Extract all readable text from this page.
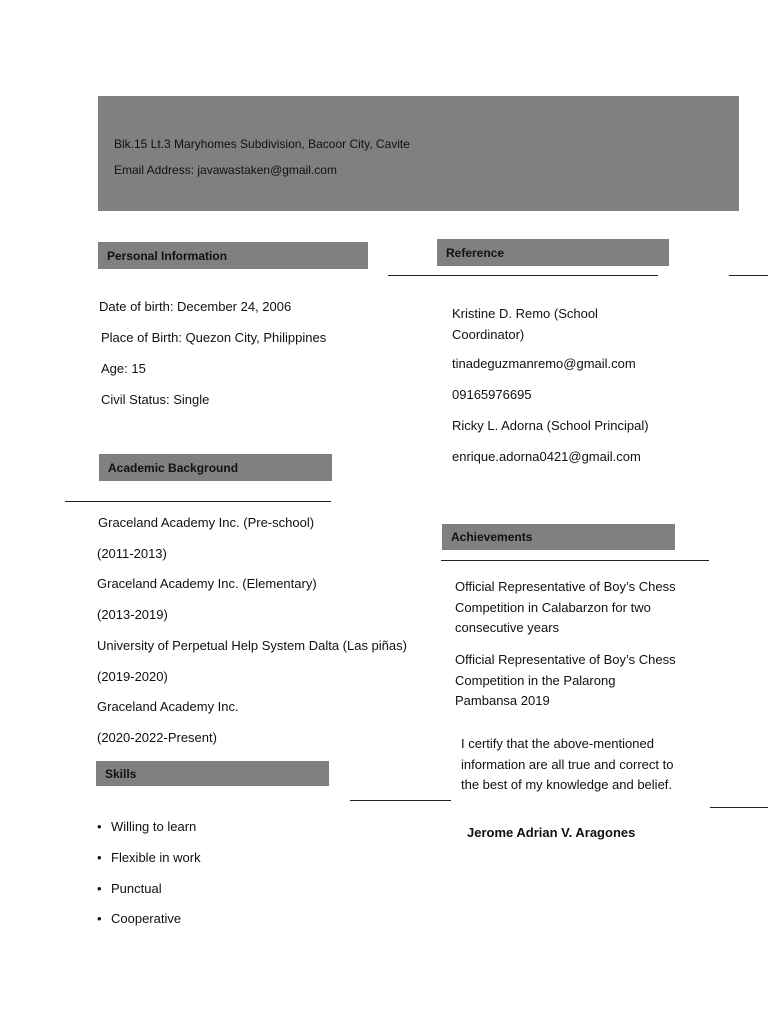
Blk.15 Lt.3 Maryhomes Subdivision, Bacoor City, Cavite
Email Address: javawastaken@gmail.com
Personal Information
Date of birth: December 24, 2006
Place of Birth: Quezon City, Philippines
Age: 15
Civil Status: Single
Academic Background
Graceland Academy Inc. (Pre-school)
(2011-2013)
Graceland Academy Inc. (Elementary)
(2013-2019)
University of Perpetual Help System Dalta (Las piñas)
(2019-2020)
Graceland Academy Inc.
(2020-2022-Present)
Skills
• Willing to learn
• Flexible in work
• Punctual
• Cooperative
Reference
Kristine D. Remo (School Coordinator)
tinadeguzmanremo@gmail.com
09165976695
Ricky L. Adorna (School Principal)
enrique.adorna0421@gmail.com
Achievements
Official Representative of Boy’s Chess Competition in Calabarzon for two consecutive years
Official Representative of Boy’s Chess Competition in the Palarong Pambansa 2019
I certify that the above-mentioned information are all true and correct to the best of my knowledge and belief.
Jerome Adrian V. Aragones
